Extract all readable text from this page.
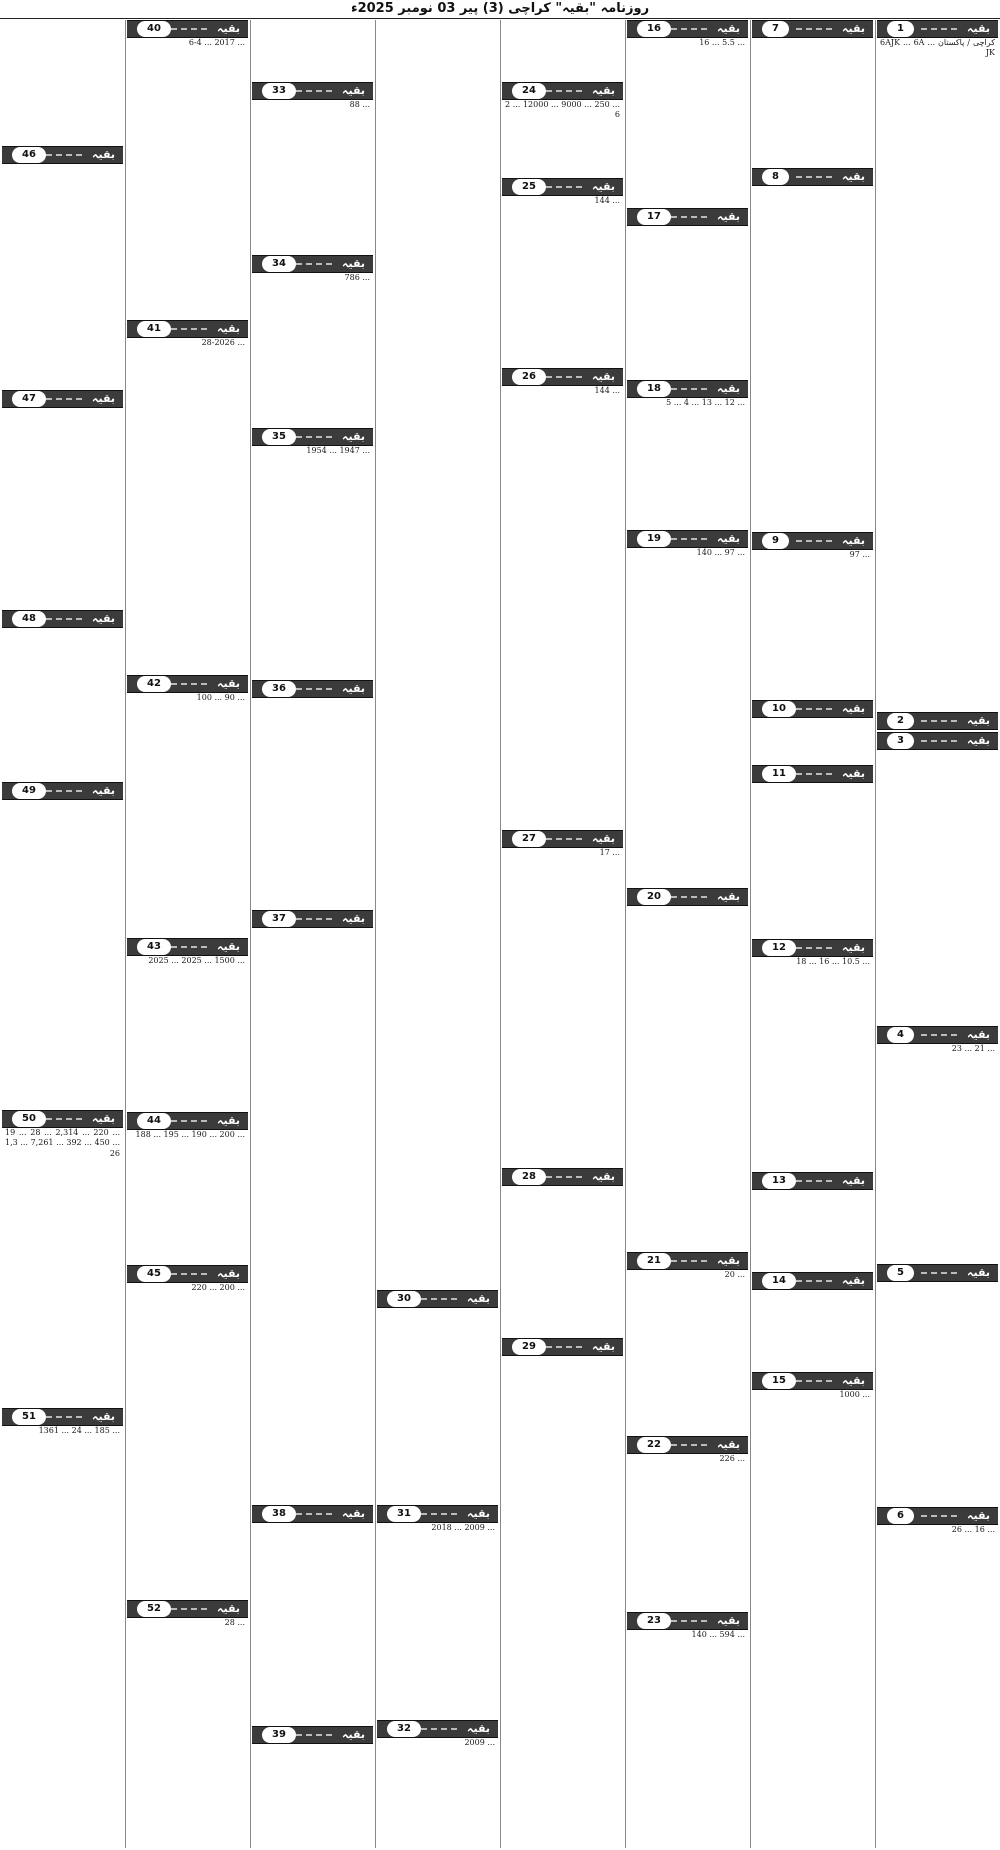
روزنامہ "بقیہ" کراچی (3) پیر 03 نومبر 2025ء
1	بقیہ
کراچی / پاکستان ... 6AJK ... 6AJK
2	بقیہ
3	بقیہ
4	بقیہ
... 21 ... 23
5	بقیہ
6	بقیہ
... 16 ... 26
7	بقیہ
8	بقیہ
9	بقیہ
... 97
10	بقیہ
11	بقیہ
12	بقیہ
... 10.5 ... 16 ... 18
13	بقیہ
14	بقیہ
15	بقیہ
... 1000
16	بقیہ
... 5.5 ... 16
17	بقیہ
18	بقیہ
... 12 ... 13 ... 4 ... 5
19	بقیہ
... 97 ... 140
20	بقیہ
21	بقیہ
... 20
22	بقیہ
... 226
23	بقیہ
... 594 ... 140
24	بقیہ
... 250 ... 9000 ... 12000 ... 26
25	بقیہ
... 144
26	بقیہ
... 144
27	بقیہ
... 17
28	بقیہ
29	بقیہ
30	بقیہ
31	بقیہ
... 2009 ... 2018
32	بقیہ
... 2009
33	بقیہ
... 88
34	بقیہ
... 786
35	بقیہ
... 1947 ... 1954
36	بقیہ
37	بقیہ
38	بقیہ
39	بقیہ
40	بقیہ
... 2017 ... 6-4
41	بقیہ
... 28-2026
42	بقیہ
... 90 ... 100
43	بقیہ
... 1500 ... 2025 ... 2025
44	بقیہ
... 200 ... 190 ... 195 ... 188
45	بقیہ
... 200 ... 220
52	بقیہ
... 28
46	بقیہ
47	بقیہ
48	بقیہ
49	بقیہ
50	بقیہ
... 220 ... 2,314 ... 28 ... 19 ... 450 ... 392 ... 7,261 ... 1,326
51	بقیہ
... 185 ... 24 ... 1361
